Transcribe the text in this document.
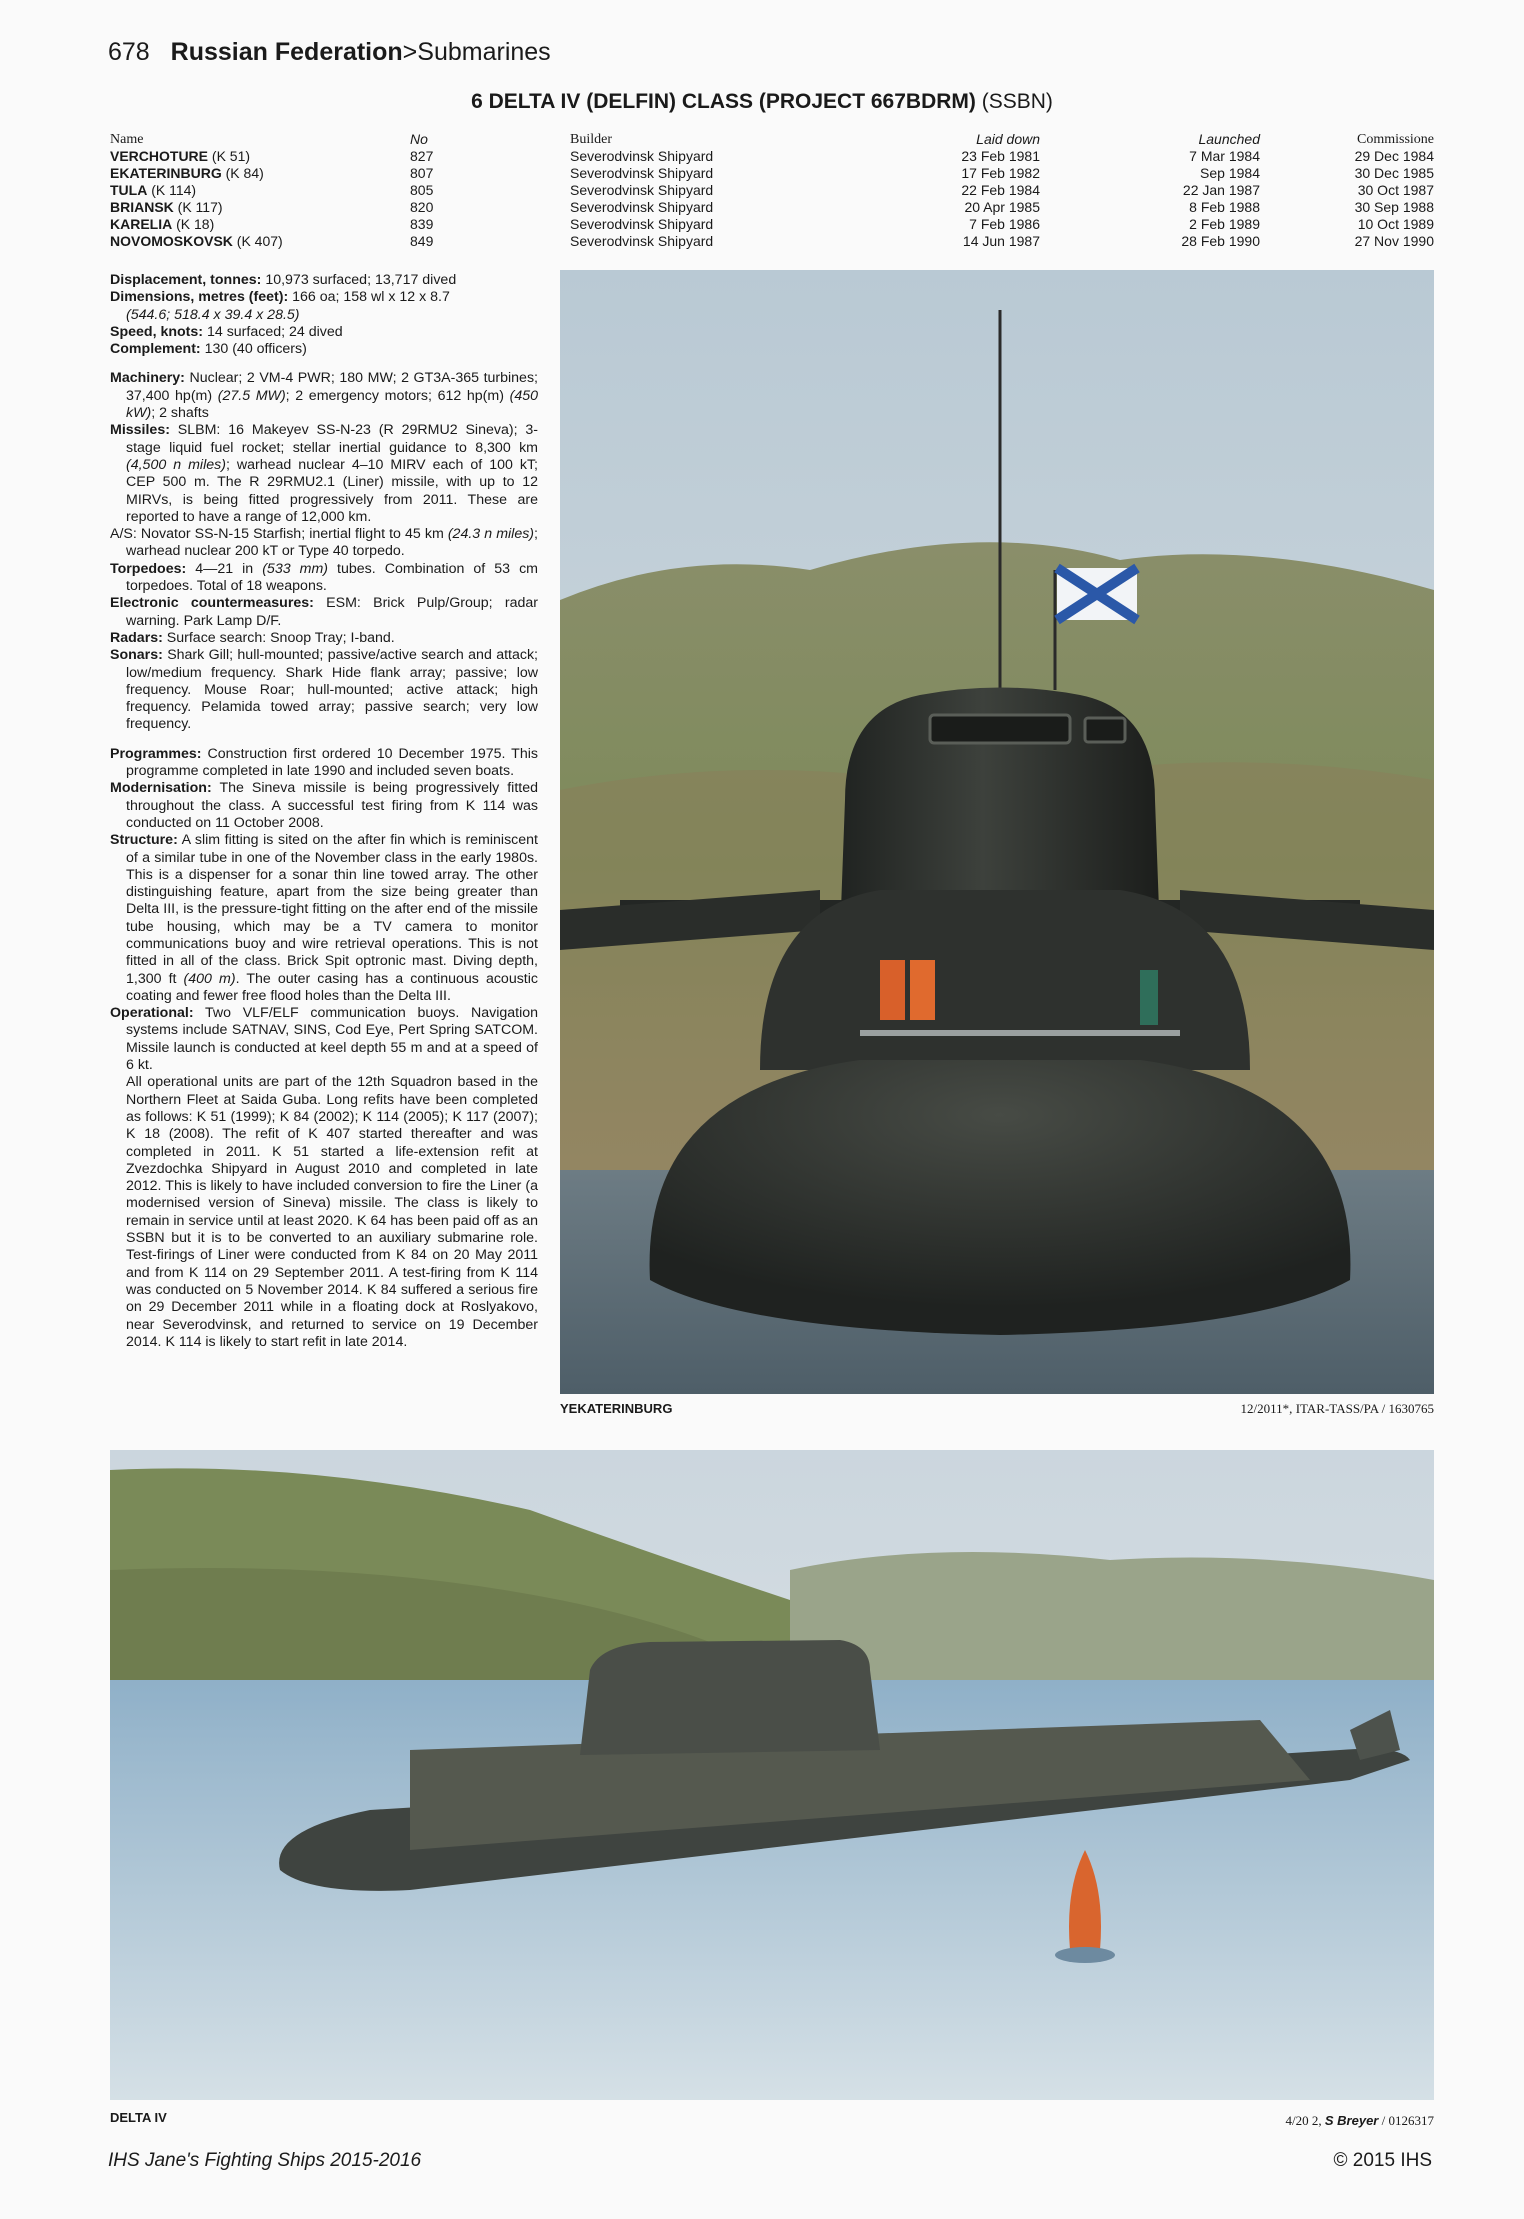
678 Russian Federation>Submarines
6 DELTA IV (DELFIN) CLASS (PROJECT 667BDRM) (SSBN)
Name	No	Builder	Laid down	Launched	Commissione
VERCHOTURE (K 51)	827	Severodvinsk Shipyard	23 Feb 1981	7 Mar 1984	29 Dec 1984
EKATERINBURG (K 84)	807	Severodvinsk Shipyard	17 Feb 1982	Sep 1984	30 Dec 1985
TULA (K 114)	805	Severodvinsk Shipyard	22 Feb 1984	22 Jan 1987	30 Oct 1987
BRIANSK (K 117)	820	Severodvinsk Shipyard	20 Apr 1985	8 Feb 1988	30 Sep 1988
KARELIA (K 18)	839	Severodvinsk Shipyard	7 Feb 1986	2 Feb 1989	10 Oct 1989
NOVOMOSKOVSK (K 407)	849	Severodvinsk Shipyard	14 Jun 1987	28 Feb 1990	27 Nov 1990

Displacement, tonnes: 10,973 surfaced; 13,717 dived

Dimensions, metres (feet): 166 oa; 158 wl x 12 x 8.7
(544.6; 518.4 x 39.4 x 28.5)

Speed, knots: 14 surfaced; 24 dived

Complement: 130 (40 officers)

Machinery: Nuclear; 2 VM-4 PWR; 180 MW; 2 GT3A-365 turbines; 37,400 hp(m) (27.5 MW); 2 emergency motors; 612 hp(m) (450 kW); 2 shafts

Missiles: SLBM: 16 Makeyev SS-N-23 (R 29RMU2 Sineva); 3-stage liquid fuel rocket; stellar inertial guidance to 8,300 km (4,500 n miles); warhead nuclear 4–10 MIRV each of 100 kT; CEP 500 m. The R 29RMU2.1 (Liner) missile, with up to 12 MIRVs, is being fitted progressively from 2011. These are reported to have a range of 12,000 km.

A/S: Novator SS-N-15 Starfish; inertial flight to 45 km (24.3 n miles); warhead nuclear 200 kT or Type 40 torpedo.

Torpedoes: 4—21 in (533 mm) tubes. Combination of 53 cm torpedoes. Total of 18 weapons.

Electronic countermeasures: ESM: Brick Pulp/Group; radar warning. Park Lamp D/F.

Radars: Surface search: Snoop Tray; I-band.

Sonars: Shark Gill; hull-mounted; passive/active search and attack; low/medium frequency. Shark Hide flank array; passive; low frequency. Mouse Roar; hull-mounted; active attack; high frequency. Pelamida towed array; passive search; very low frequency.

Programmes: Construction first ordered 10 December 1975. This programme completed in late 1990 and included seven boats.

Modernisation: The Sineva missile is being progressively fitted throughout the class. A successful test firing from K 114 was conducted on 11 October 2008.

Structure: A slim fitting is sited on the after fin which is reminiscent of a similar tube in one of the November class in the early 1980s. This is a dispenser for a sonar thin line towed array. The other distinguishing feature, apart from the size being greater than Delta III, is the pressure-tight fitting on the after end of the missile tube housing, which may be a TV camera to monitor communications buoy and wire retrieval operations. This is not fitted in all of the class. Brick Spit optronic mast. Diving depth, 1,300 ft (400 m). The outer casing has a continuous acoustic coating and fewer free flood holes than the Delta III.

Operational: Two VLF/ELF communication buoys. Navigation systems include SATNAV, SINS, Cod Eye, Pert Spring SATCOM. Missile launch is conducted at keel depth 55 m and at a speed of 6 kt.

All operational units are part of the 12th Squadron based in the Northern Fleet at Saida Guba. Long refits have been completed as follows: K 51 (1999); K 84 (2002); K 114 (2005); K 117 (2007); K 18 (2008). The refit of K 407 started thereafter and was completed in 2011. K 51 started a life-extension refit at Zvezdochka Shipyard in August 2010 and completed in late 2012. This is likely to have included conversion to fire the Liner (a modernised version of Sineva) missile. The class is likely to remain in service until at least 2020. K 64 has been paid off as an SSBN but it is to be converted to an auxiliary submarine role. Test-firings of Liner were conducted from K 84 on 20 May 2011 and from K 114 on 29 September 2011. A test-firing from K 114 was conducted on 5 November 2014. K 84 suffered a serious fire on 29 December 2011 while in a floating dock at Roslyakovo, near Severodvinsk, and returned to service on 19 December 2014. K 114 is likely to start refit in late 2014.

YEKATERINBURG	12/2011*, ITAR-TASS/PA / 1630765
DELTA IV	4/20 2, S Breyer / 0126317
IHS Jane's Fighting Ships 2015-2016	© 2015 IHS
